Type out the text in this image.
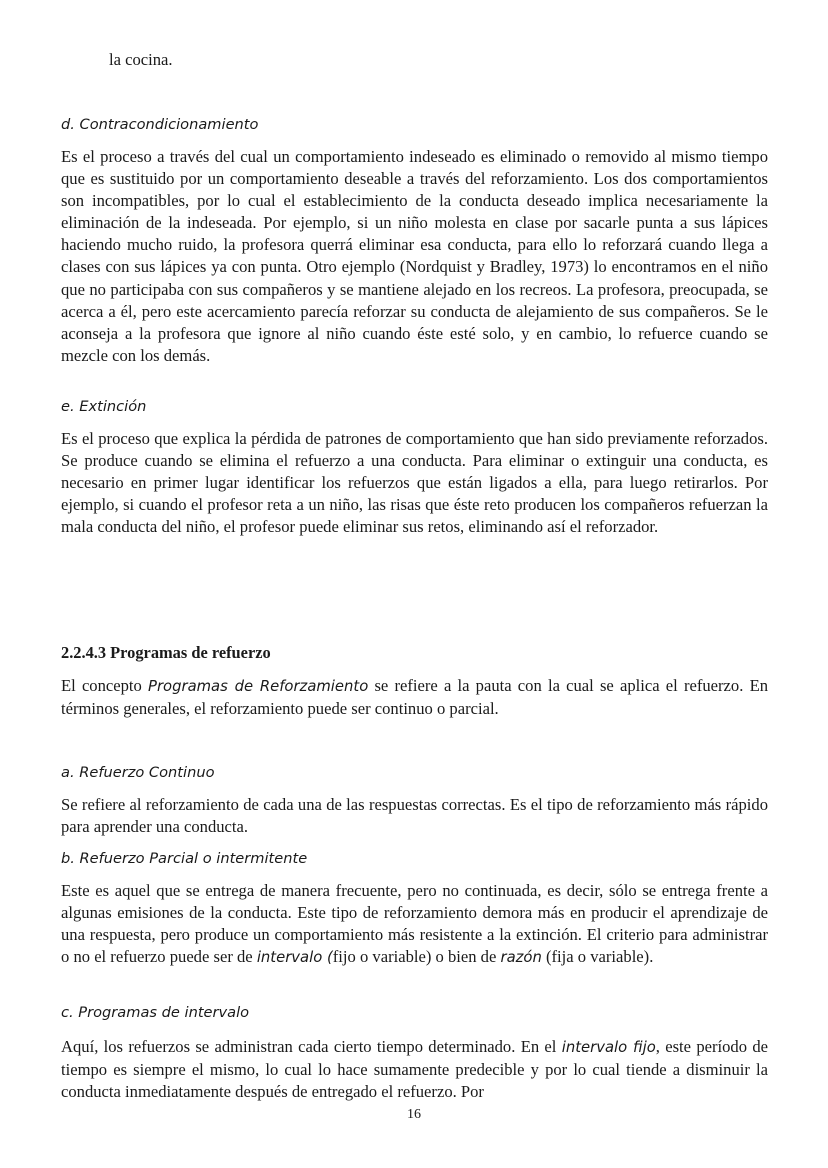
la cocina.

d. Contracondicionamiento

Es el proceso a través del cual un comportamiento indeseado es eliminado o removido al mismo tiempo que es sustituido por un comportamiento deseable a través del reforzamiento. Los dos comportamientos son incompatibles, por lo cual el establecimiento de la conducta deseado implica necesariamente la eliminación de la indeseada. Por ejemplo, si un niño molesta en clase por sacarle punta a sus lápices haciendo mucho ruido, la profesora querrá eliminar esa conducta, para ello lo reforzará cuando llega a clases con sus lápices ya con punta. Otro ejemplo (Nordquist y Bradley, 1973) lo encontramos en el niño que no participaba con sus compañeros y se mantiene alejado en los recreos. La profesora, preocupada, se acerca a él, pero este acercamiento parecía reforzar su conducta de alejamiento de sus compañeros. Se le aconseja a la profesora que ignore al niño cuando éste esté solo, y en cambio, lo refuerce cuando se mezcle con los demás.

e. Extinción

Es el proceso que explica la pérdida de patrones de comportamiento que han sido previamente reforzados. Se produce cuando se elimina el refuerzo a una conducta. Para eliminar o extinguir una conducta, es necesario en primer lugar identificar los refuerzos que están ligados a ella, para luego retirarlos. Por ejemplo, si cuando el profesor reta a un niño, las risas que éste reto producen los compañeros refuerzan la mala conducta del niño, el profesor puede eliminar sus retos, eliminando así el reforzador.

2.2.4.3 Programas de refuerzo

El concepto Programas de Reforzamiento se refiere a la pauta con la cual se aplica el refuerzo. En términos generales, el reforzamiento puede ser continuo o parcial.

a. Refuerzo Continuo

Se refiere al reforzamiento de cada una de las respuestas correctas. Es el tipo de reforzamiento más rápido para aprender una conducta.

b. Refuerzo Parcial o intermitente

Este es aquel que se entrega de manera frecuente, pero no continuada, es decir, sólo se entrega frente a algunas emisiones de la conducta. Este tipo de reforzamiento demora más en producir el aprendizaje de una respuesta, pero produce un comportamiento más resistente a la extinción. El criterio para administrar o no el refuerzo puede ser de intervalo (fijo o variable) o bien de razón (fija o variable).

c. Programas de intervalo

Aquí, los refuerzos se administran cada cierto tiempo determinado. En el intervalo fijo, este período de tiempo es siempre el mismo, lo cual lo hace sumamente predecible y por lo cual tiende a disminuir la conducta inmediatamente después de entregado el refuerzo. Por

16
